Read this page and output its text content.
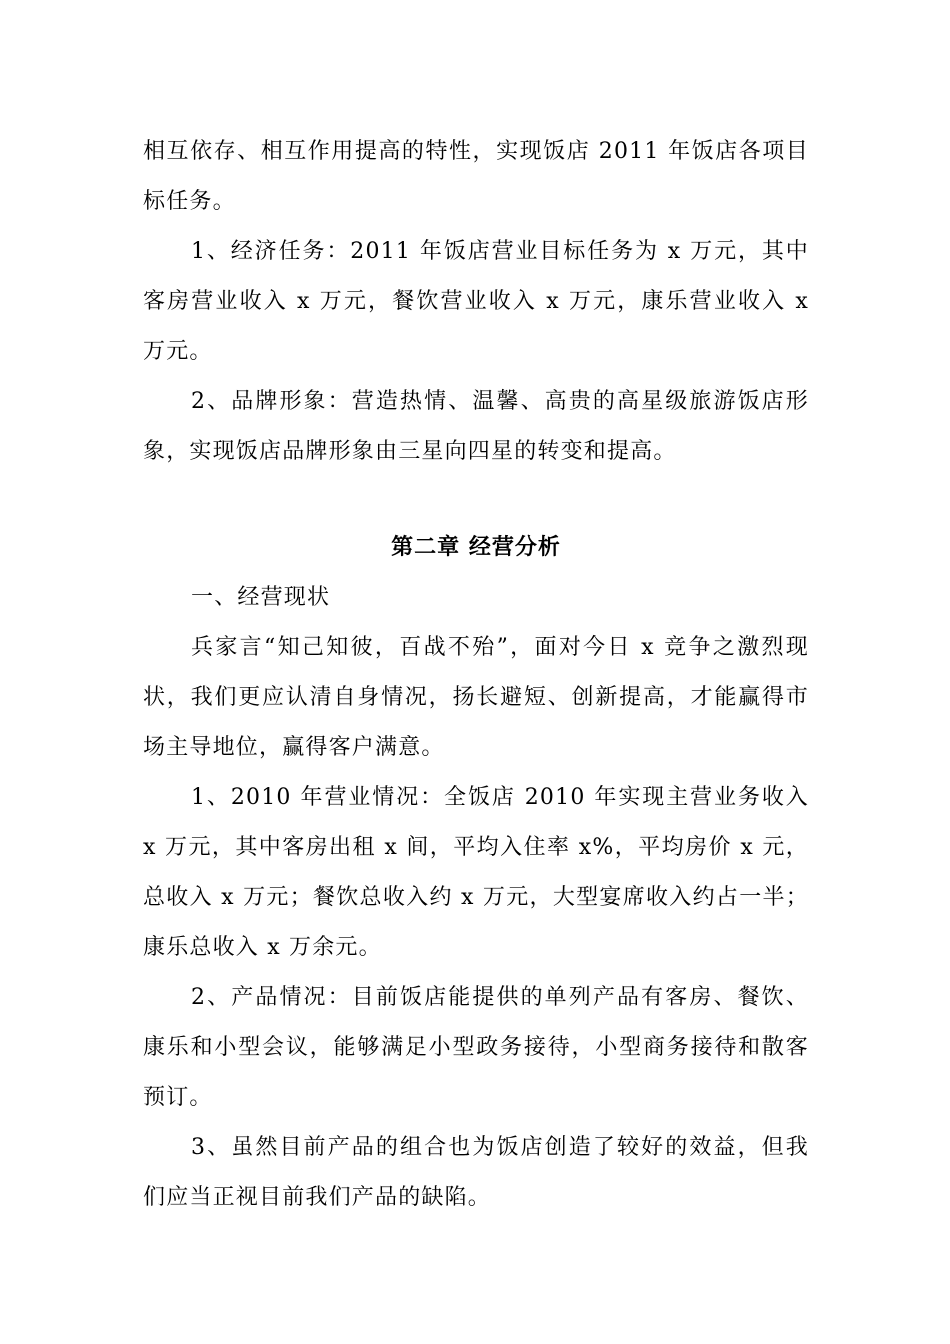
相互依存、相互作用提高的特性，实现饭店 2011 年饭店各项目标任务。

1、经济任务：2011 年饭店营业目标任务为 x 万元，其中客房营业收入 x 万元，餐饮营业收入 x 万元，康乐营业收入 x 万元。

2、品牌形象：营造热情、温馨、高贵的高星级旅游饭店形象，实现饭店品牌形象由三星向四星的转变和提高。

第二章 经营分析

一、经营现状

兵家言“知己知彼，百战不殆”，面对今日 x 竞争之激烈现状，我们更应认清自身情况，扬长避短、创新提高，才能赢得市场主导地位，赢得客户满意。

1、2010 年营业情况：全饭店 2010 年实现主营业务收入 x 万元，其中客房出租 x 间，平均入住率 x%，平均房价 x 元，总收入 x 万元；餐饮总收入约 x 万元，大型宴席收入约占一半；康乐总收入 x 万余元。

2、产品情况：目前饭店能提供的单列产品有客房、餐饮、康乐和小型会议，能够满足小型政务接待，小型商务接待和散客预订。

3、虽然目前产品的组合也为饭店创造了较好的效益，但我们应当正视目前我们产品的缺陷。
